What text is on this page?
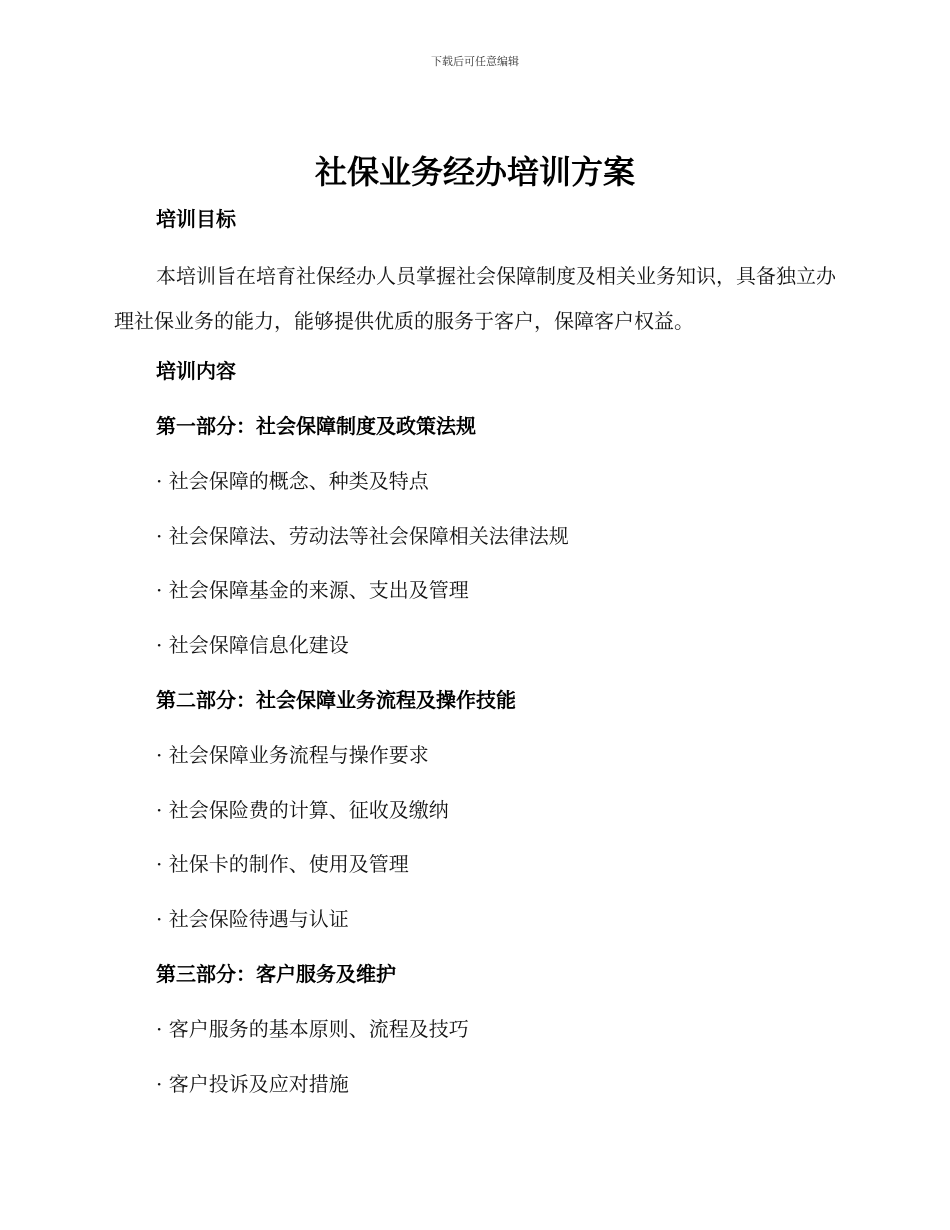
下载后可任意编辑
社保业务经办培训方案
培训目标

本培训旨在培育社保经办人员掌握社会保障制度及相关业务知识，具备独立办理社保业务的能力，能够提供优质的服务于客户，保障客户权益。

培训内容
第一部分：社会保障制度及政策法规

· 社会保障的概念、种类及特点

· 社会保障法、劳动法等社会保障相关法律法规

· 社会保障基金的来源、支出及管理

· 社会保障信息化建设

第二部分：社会保障业务流程及操作技能

· 社会保障业务流程与操作要求

· 社会保险费的计算、征收及缴纳

· 社保卡的制作、使用及管理

· 社会保险待遇与认证

第三部分：客户服务及维护

· 客户服务的基本原则、流程及技巧

· 客户投诉及应对措施
